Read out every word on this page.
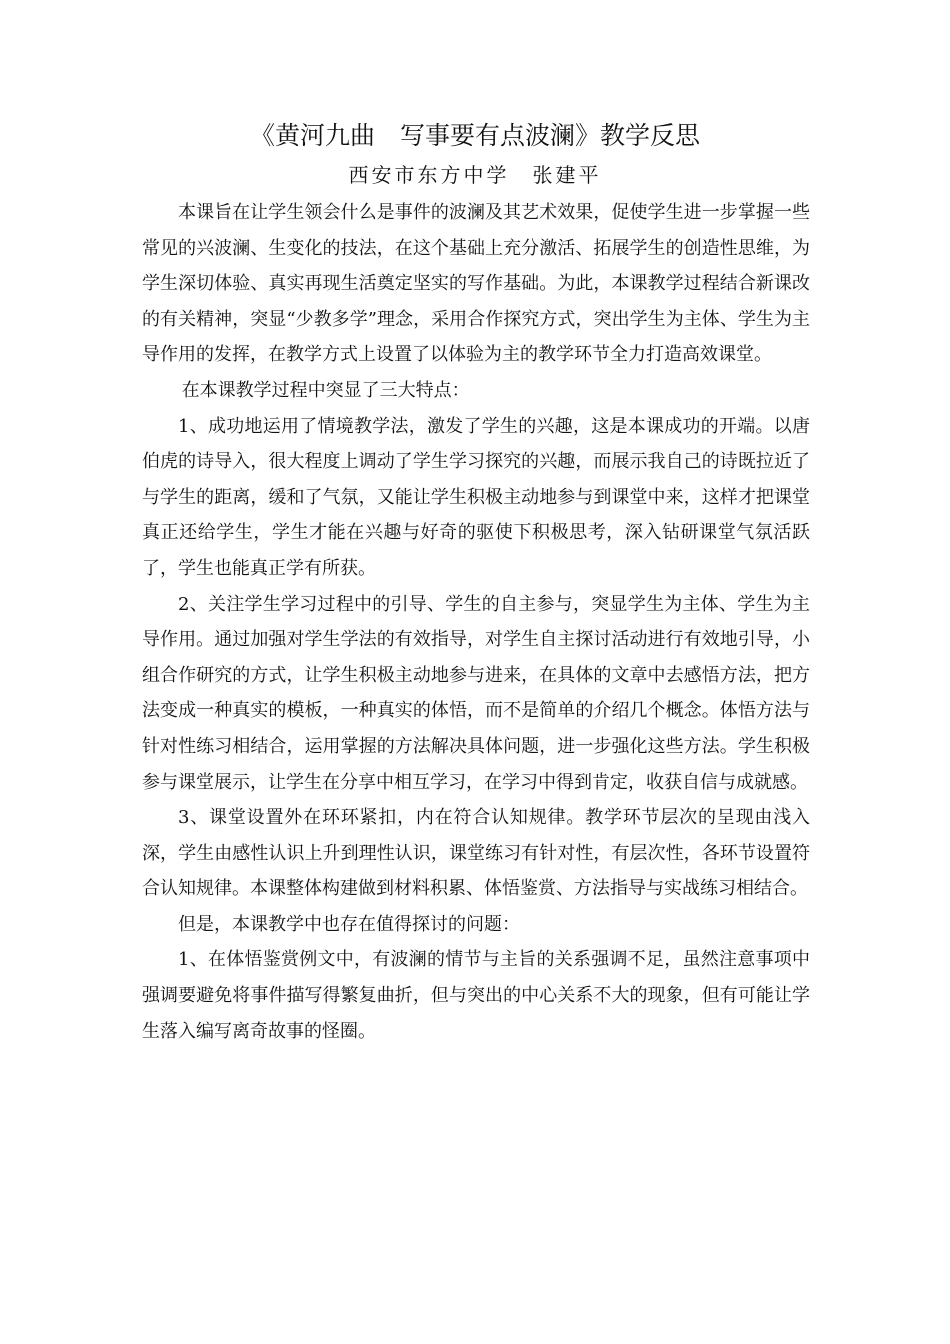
《黄河九曲　写事要有点波澜》教学反思
西安市东方中学　张建平

本课旨在让学生领会什么是事件的波澜及其艺术效果，促使学生进一步掌握一些常见的兴波澜、生变化的技法，在这个基础上充分激活、拓展学生的创造性思维，为学生深切体验、真实再现生活奠定坚实的写作基础。为此，本课教学过程结合新课改的有关精神，突显“少教多学”理念，采用合作探究方式，突出学生为主体、学生为主导作用的发挥，在教学方式上设置了以体验为主的教学环节全力打造高效课堂。

在本课教学过程中突显了三大特点：

1、成功地运用了情境教学法，激发了学生的兴趣，这是本课成功的开端。以唐伯虎的诗导入，很大程度上调动了学生学习探究的兴趣，而展示我自己的诗既拉近了与学生的距离，缓和了气氛，又能让学生积极主动地参与到课堂中来，这样才把课堂真正还给学生，学生才能在兴趣与好奇的驱使下积极思考，深入钻研课堂气氛活跃了，学生也能真正学有所获。

2、关注学生学习过程中的引导、学生的自主参与，突显学生为主体、学生为主导作用。通过加强对学生学法的有效指导，对学生自主探讨活动进行有效地引导，小组合作研究的方式，让学生积极主动地参与进来，在具体的文章中去感悟方法，把方法变成一种真实的模板，一种真实的体悟，而不是简单的介绍几个概念。体悟方法与针对性练习相结合，运用掌握的方法解决具体问题，进一步强化这些方法。学生积极参与课堂展示，让学生在分享中相互学习，在学习中得到肯定，收获自信与成就感。

3、课堂设置外在环环紧扣，内在符合认知规律。教学环节层次的呈现由浅入深，学生由感性认识上升到理性认识，课堂练习有针对性，有层次性，各环节设置符合认知规律。本课整体构建做到材料积累、体悟鉴赏、方法指导与实战练习相结合。

但是，本课教学中也存在值得探讨的问题：

1、在体悟鉴赏例文中，有波澜的情节与主旨的关系强调不足，虽然注意事项中强调要避免将事件描写得繁复曲折，但与突出的中心关系不大的现象，但有可能让学生落入编写离奇故事的怪圈。
